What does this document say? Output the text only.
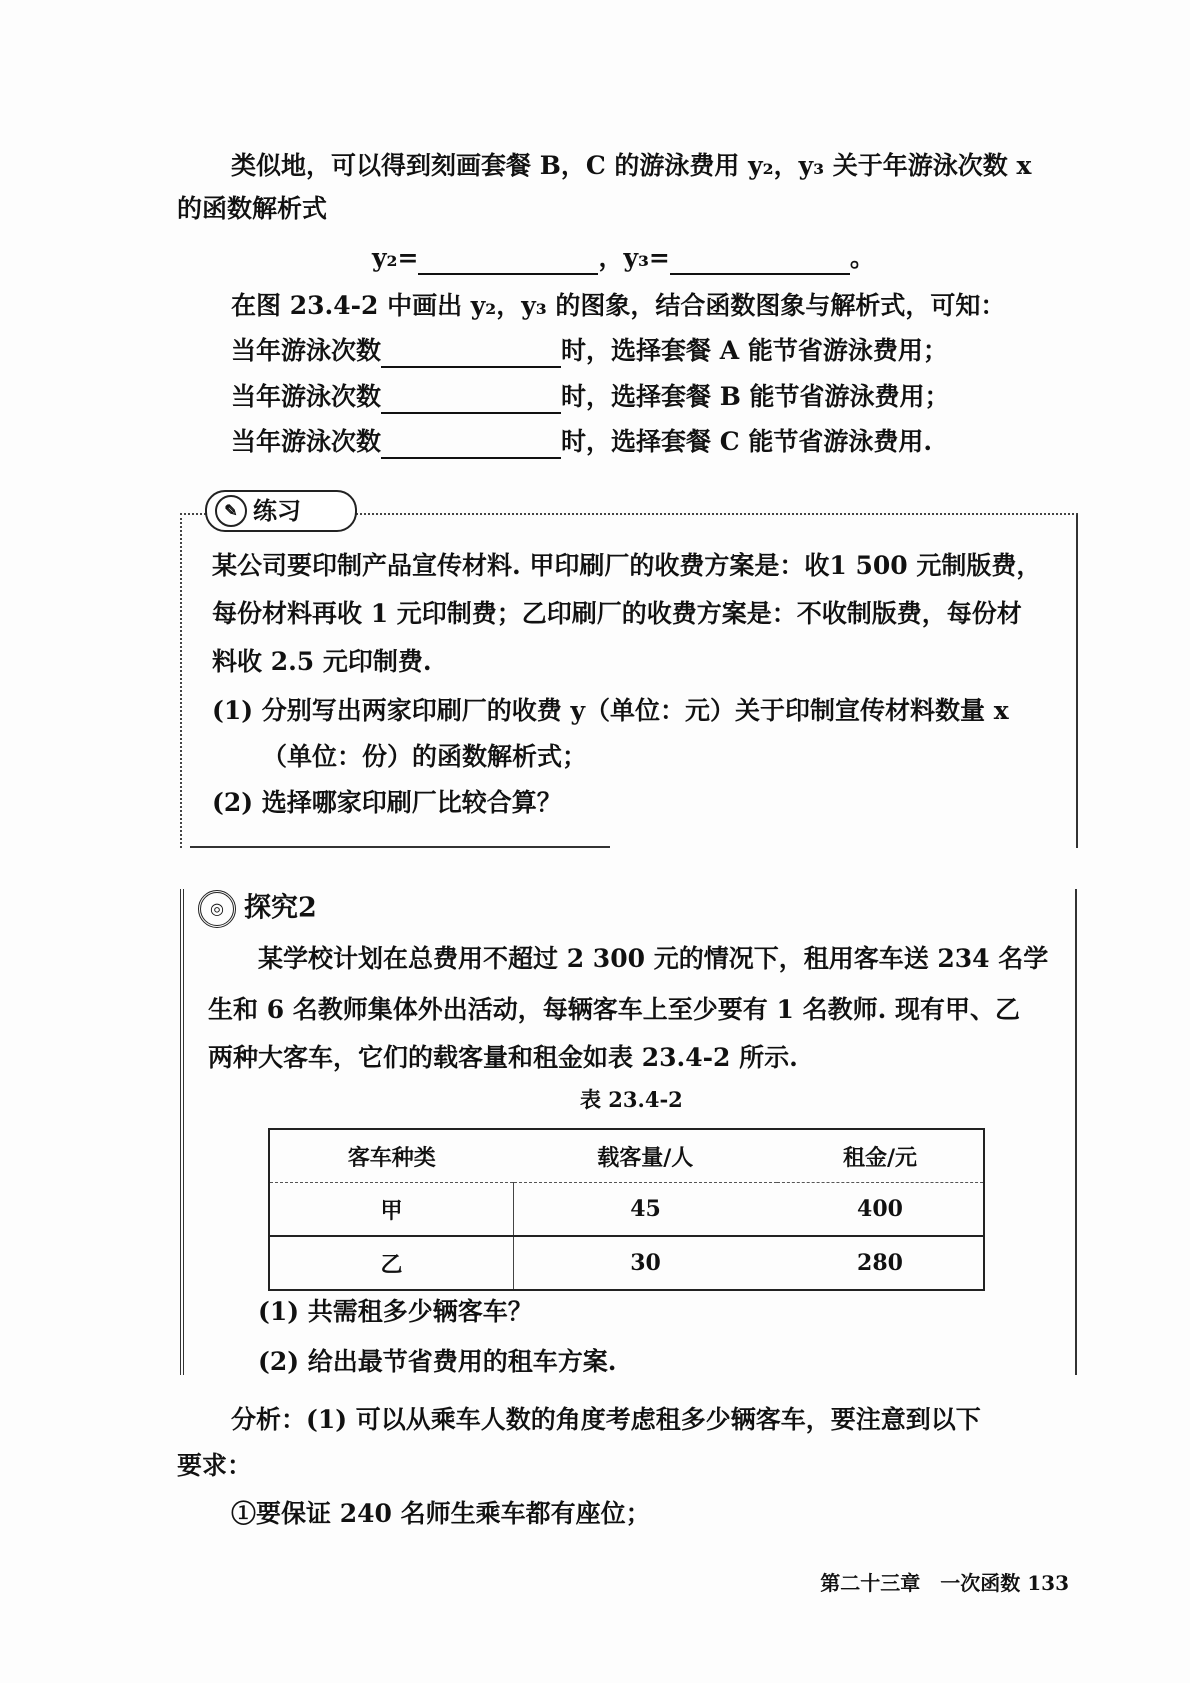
类似地，可以得到刻画套餐 B，C 的游泳费用 y₂，y₃ 关于年游泳次数 x
的函数解析式
y₂=	，y₃=	。
在图 23.4-2 中画出 y₂，y₃ 的图象，结合函数图象与解析式，可知：
当年游泳次数	时，选择套餐 A 能节省游泳费用；
当年游泳次数	时，选择套餐 B 能节省游泳费用；
当年游泳次数	时，选择套餐 C 能节省游泳费用.
✎ 练习
某公司要印制产品宣传材料. 甲印刷厂的收费方案是：收1 500 元制版费，
每份材料再收 1 元印制费；乙印刷厂的收费方案是：不收制版费，每份材
料收 2.5 元印制费.
(1) 分别写出两家印刷厂的收费 y（单位：元）关于印制宣传材料数量 x
（单位：份）的函数解析式；
(2) 选择哪家印刷厂比较合算？
◎ 探究2
某学校计划在总费用不超过 2 300 元的情况下，租用客车送 234 名学
生和 6 名教师集体外出活动，每辆客车上至少要有 1 名教师. 现有甲、乙
两种大客车，它们的载客量和租金如表 23.4-2 所示.
表 23.4-2
客车种类	载客量/人	租金/元
甲	45	400
乙	30	280
(1) 共需租多少辆客车？
(2) 给出最节省费用的租车方案.
分析：(1) 可以从乘车人数的角度考虑租多少辆客车，要注意到以下
要求：
①要保证 240 名师生乘车都有座位；
第二十三章　一次函数 133
